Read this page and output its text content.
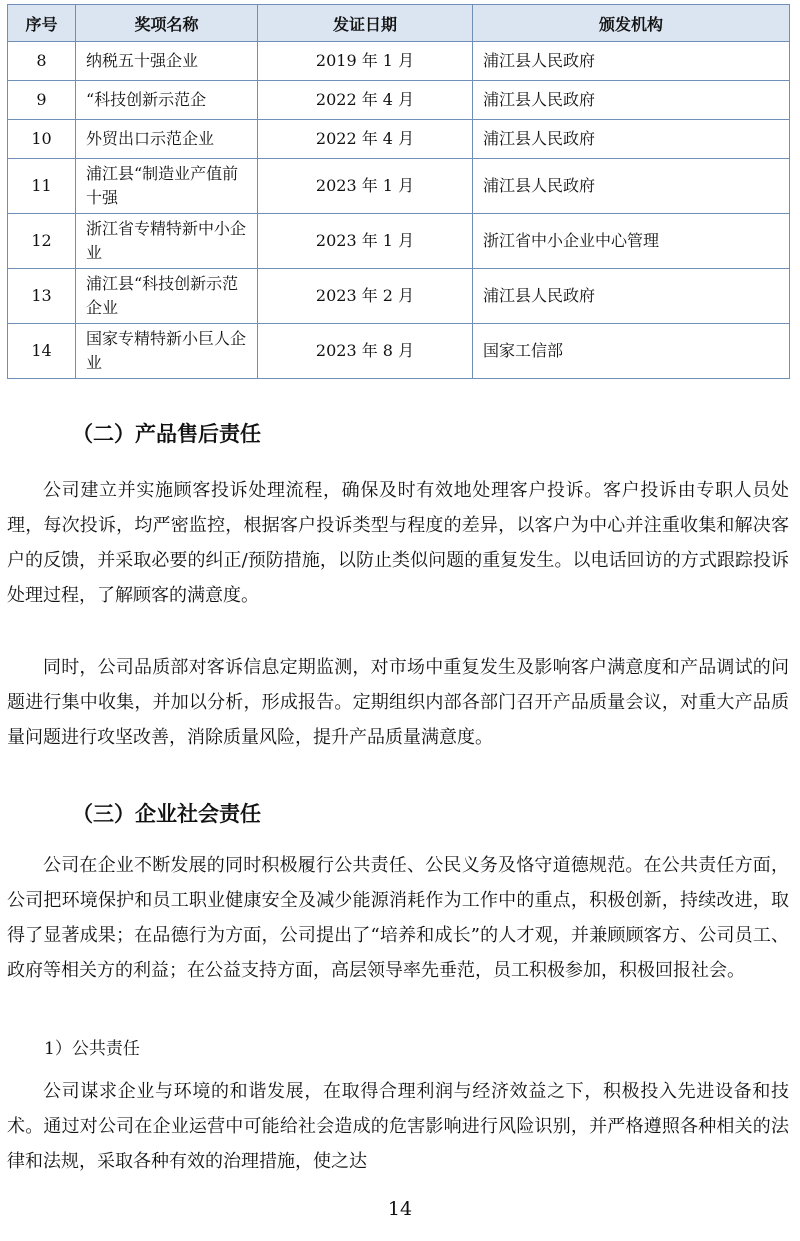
序号	奖项名称	发证日期	颁发机构
8	纳税五十强企业	2019 年 1 月	浦江县人民政府
9	“科技创新示范企	2022 年 4 月	浦江县人民政府
10	外贸出口示范企业	2022 年 4 月	浦江县人民政府
11	浦江县“制造业产值前十强	2023 年 1 月	浦江县人民政府
12	浙江省专精特新中小企业	2023 年 1 月	浙江省中小企业中心管理
13	浦江县“科技创新示范企业	2023 年 2 月	浦江县人民政府
14	国家专精特新小巨人企业	2023 年 8 月	国家工信部
（二）产品售后责任

公司建立并实施顾客投诉处理流程，确保及时有效地处理客户投诉。客户投诉由专职人员处理，每次投诉，均严密监控，根据客户投诉类型与程度的差异，以客户为中心并注重收集和解决客户的反馈，并采取必要的纠正/预防措施，以防止类似问题的重复发生。以电话回访的方式跟踪投诉处理过程，了解顾客的满意度。

同时，公司品质部对客诉信息定期监测，对市场中重复发生及影响客户满意度和产品调试的问题进行集中收集，并加以分析，形成报告。定期组织内部各部门召开产品质量会议，对重大产品质量问题进行攻坚改善，消除质量风险，提升产品质量满意度。

（三）企业社会责任

公司在企业不断发展的同时积极履行公共责任、公民义务及恪守道德规范。在公共责任方面，公司把环境保护和员工职业健康安全及减少能源消耗作为工作中的重点，积极创新，持续改进，取得了显著成果；在品德行为方面，公司提出了“培养和成长”的人才观，并兼顾顾客方、公司员工、政府等相关方的利益；在公益支持方面，高层领导率先垂范，员工积极参加，积极回报社会。

1）公共责任

公司谋求企业与环境的和谐发展，在取得合理利润与经济效益之下，积极投入先进设备和技术。通过对公司在企业运营中可能给社会造成的危害影响进行风险识别，并严格遵照各种相关的法律和法规，采取各种有效的治理措施，使之达

14
